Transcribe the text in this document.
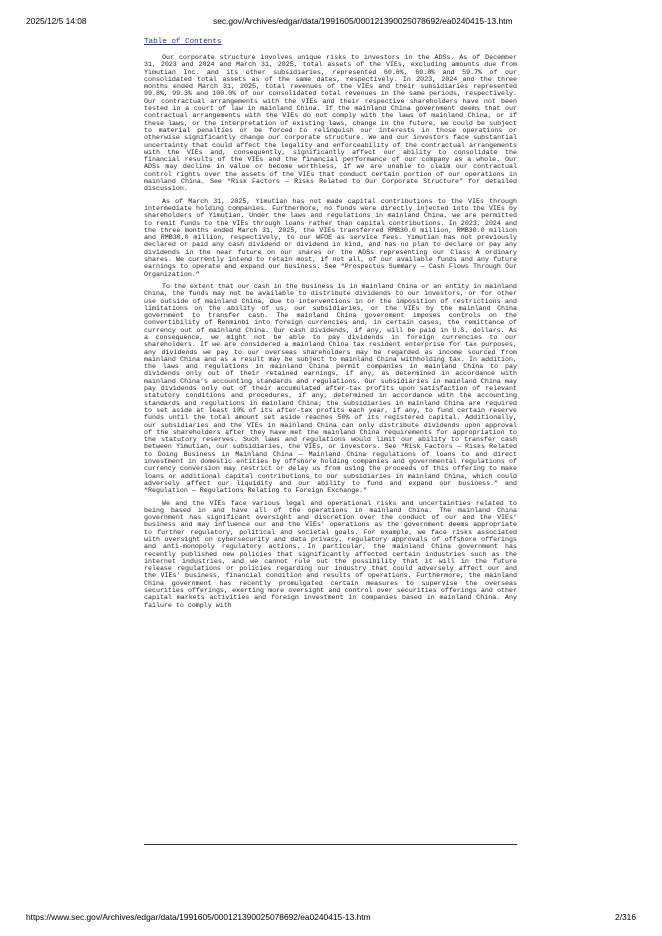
2025/12/5 14:08	sec.gov/Archives/edgar/data/1991605/000121390025078692/ea0240415-13.htm
Table of Contents

Our corporate structure involves unique risks to investors in the ADSs. As of December 31, 2023 and 2024 and March 31, 2025, total assets of the VIEs, excluding amounts due from Yimutian Inc. and its other subsidiaries, represented 60.6%, 60.8% and 59.7% of our consolidated total assets as of the same dates, respectively. In 2023, 2024 and the three months ended March 31, 2025, total revenues of the VIEs and their subsidiaries represented 99.8%, 99.3% and 100.0% of our consolidated total revenues in the same periods, respectively. Our contractual arrangements with the VIEs and their respective shareholders have not been tested in a court of law in mainland China. If the mainland China government deems that our contractual arrangements with the VIEs do not comply with the laws of mainland China, or if these laws, or the interpretation of existing laws, change in the future, we could be subject to material penalties or be forced to relinquish our interests in those operations or otherwise significantly change our corporate structure. We and our investors face substantial uncertainty that could affect the legality and enforceability of the contractual arrangements with the VIEs and, consequently, significantly affect our ability to consolidate the financial results of the VIEs and the financial performance of our company as a whole. Our ADSs may decline in value or become worthless, if we are unable to claim our contractual control rights over the assets of the VIEs that conduct certain portion of our operations in mainland China. See “Risk Factors — Risks Related to Our Corporate Structure” for detailed discussion.

As of March 31, 2025, Yimutian has not made capital contributions to the VIEs through intermediate holding companies. Furthermore, no funds were directly injected into the VIEs by shareholders of Yimutian. Under the laws and regulations in mainland China, we are permitted to remit funds to the VIEs through loans rather than capital contributions. In 2023, 2024 and the three months ended March 31, 2025, the VIEs transferred RMB30.0 million, RMB30.0 million and RMB30.0 million, respectively, to our WFOE as service fees. Yimutian has not previously declared or paid any cash dividend or dividend in kind, and has no plan to declare or pay any dividends in the near future on our shares or the ADSs representing our Class A ordinary shares. We currently intend to retain most, if not all, of our available funds and any future earnings to operate and expand our business. See “Prospectus Summary — Cash Flows Through Our Organization.”

To the extent that our cash in the business is in mainland China or an entity in mainland China, the funds may not be available to distribute dividends to our investors, or for other use outside of mainland China, due to interventions in or the imposition of restrictions and limitations on the ability of us, our subsidiaries, or the VIEs by the mainland China government to transfer cash. The mainland China government imposes controls on the convertibility of Renminbi into foreign currencies and, in certain cases, the remittance of currency out of mainland China. Our cash dividends, if any, will be paid in U.S. dollars. As a consequence, we might not be able to pay dividends in foreign currencies to our shareholders. If we are considered a mainland China tax resident enterprise for tax purposes, any dividends we pay to our overseas shareholders may be regarded as income sourced from mainland China and as a result may be subject to mainland China withholding tax. In addition, the laws and regulations in mainland China permit companies in mainland China to pay dividends only out of their retained earnings, if any, as determined in accordance with mainland China’s accounting standards and regulations. Our subsidiaries in mainland China may pay dividends only out of their accumulated after-tax profits upon satisfaction of relevant statutory conditions and procedures, if any, determined in accordance with the accounting standards and regulations in mainland China; the subsidiaries in mainland China are required to set aside at least 10% of its after-tax profits each year, if any, to fund certain reserve funds until the total amount set aside reaches 50% of its registered capital. Additionally, our subsidiaries and the VIEs in mainland China can only distribute dividends upon approval of the shareholders after they have met the mainland China requirements for appropriation to the statutory reserves. Such laws and regulations would limit our ability to transfer cash between Yimutian, our subsidiaries, the VIEs, or investors. See “Risk Factors — Risks Related to Doing Business in Mainland China — Mainland China regulations of loans to and direct investment in domestic entities by offshore holding companies and governmental regulations of currency conversion may restrict or delay us from using the proceeds of this offering to make loans or additional capital contributions to our subsidiaries in mainland China, which could adversely affect our liquidity and our ability to fund and expand our business.” and “Regulation — Regulations Relating to Foreign Exchange.”

We and the VIEs face various legal and operational risks and uncertainties related to being based in and have all of the operations in mainland China. The mainland China government has significant oversight and discretion over the conduct of our and the VIEs’ business and may influence our and the VIEs’ operations as the government deems appropriate to further regulatory, political and societal goals. For example, we face risks associated with oversight on cybersecurity and data privacy, regulatory approvals of offshore offerings and anti-monopoly regulatory actions. In particular, the mainland China government has recently published new policies that significantly affected certain industries such as the internet industries, and we cannot rule out the possibility that it will in the future release regulations or policies regarding our industry that could adversely affect our and the VIEs’ business, financial condition and results of operations. Furthermore, the mainland China government has recently promulgated certain measures to supervise the overseas securities offerings, exerting more oversight and control over securities offerings and other capital markets activities and foreign investment in companies based in mainland China. Any failure to comply with

https://www.sec.gov/Archives/edgar/data/1991605/000121390025078692/ea0240415-13.htm	2/316
